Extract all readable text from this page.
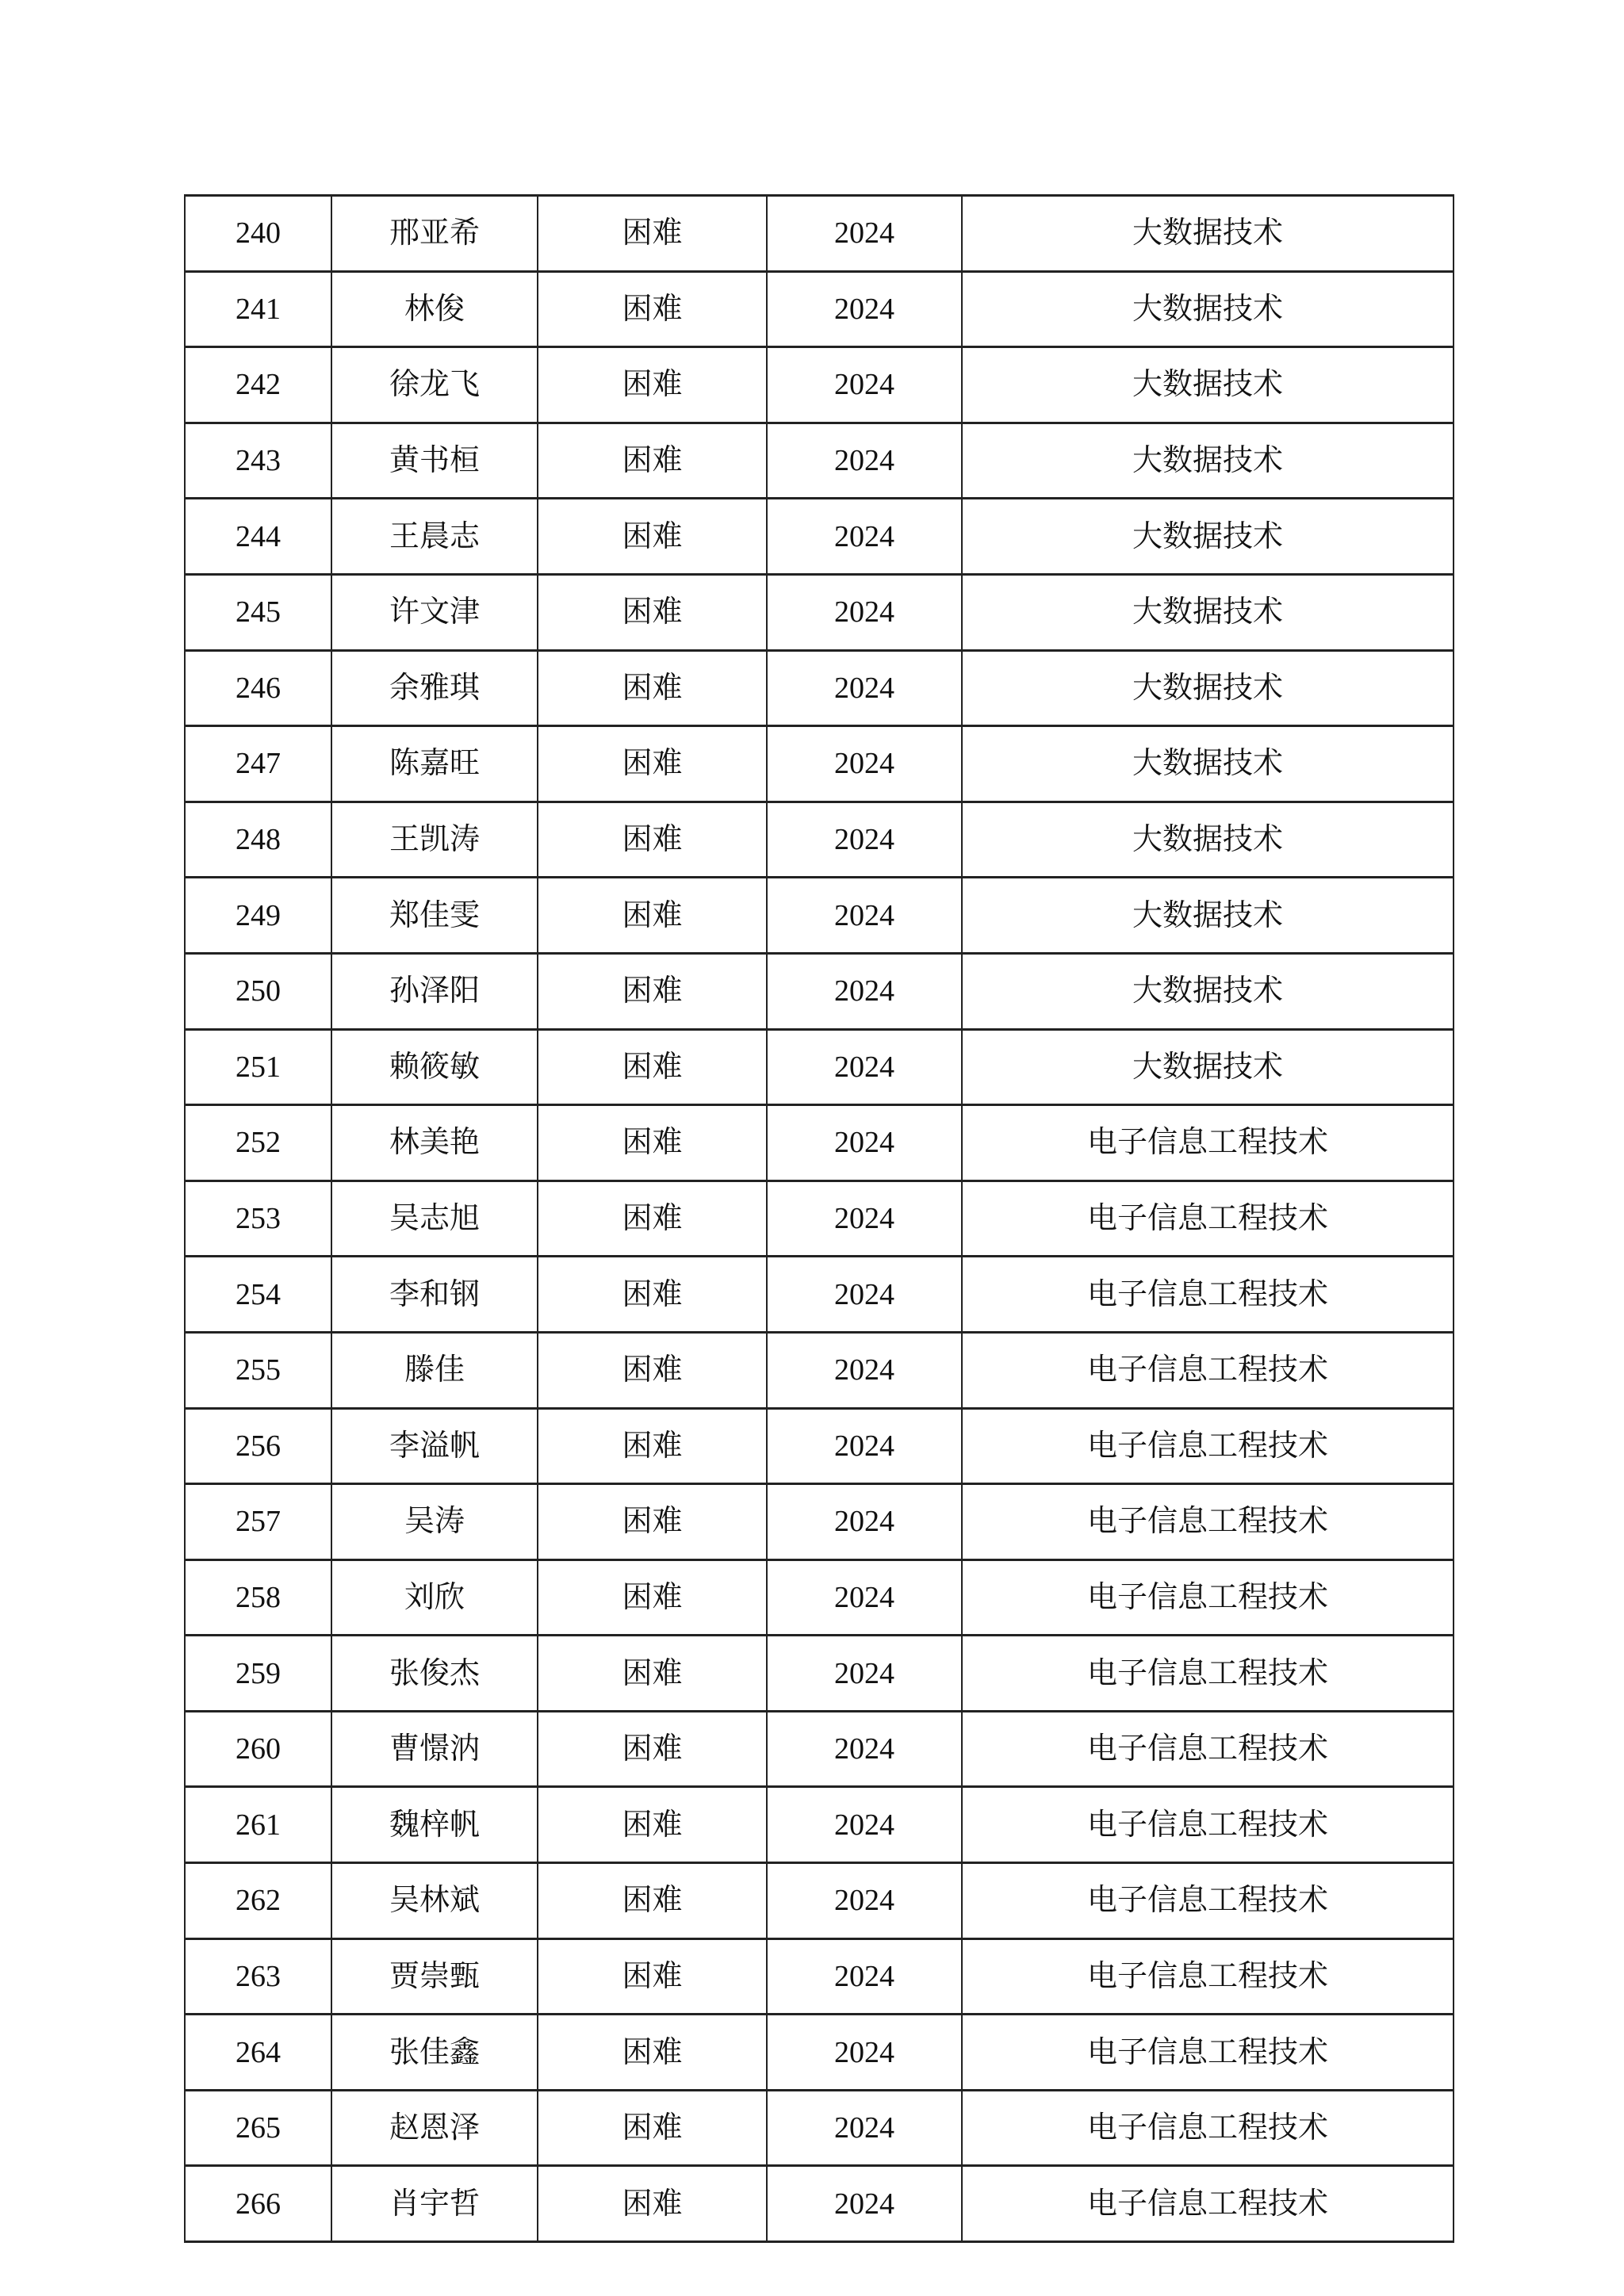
240	邢亚希	困难	2024	大数据技术
241	林俊	困难	2024	大数据技术
242	徐龙飞	困难	2024	大数据技术
243	黄书桓	困难	2024	大数据技术
244	王晨志	困难	2024	大数据技术
245	许文津	困难	2024	大数据技术
246	余雅琪	困难	2024	大数据技术
247	陈嘉旺	困难	2024	大数据技术
248	王凯涛	困难	2024	大数据技术
249	郑佳雯	困难	2024	大数据技术
250	孙泽阳	困难	2024	大数据技术
251	赖筱敏	困难	2024	大数据技术
252	林美艳	困难	2024	电子信息工程技术
253	吴志旭	困难	2024	电子信息工程技术
254	李和钢	困难	2024	电子信息工程技术
255	滕佳	困难	2024	电子信息工程技术
256	李溢帆	困难	2024	电子信息工程技术
257	吴涛	困难	2024	电子信息工程技术
258	刘欣	困难	2024	电子信息工程技术
259	张俊杰	困难	2024	电子信息工程技术
260	曹憬汭	困难	2024	电子信息工程技术
261	魏梓帆	困难	2024	电子信息工程技术
262	吴林斌	困难	2024	电子信息工程技术
263	贾崇甄	困难	2024	电子信息工程技术
264	张佳鑫	困难	2024	电子信息工程技术
265	赵恩泽	困难	2024	电子信息工程技术
266	肖宇哲	困难	2024	电子信息工程技术
